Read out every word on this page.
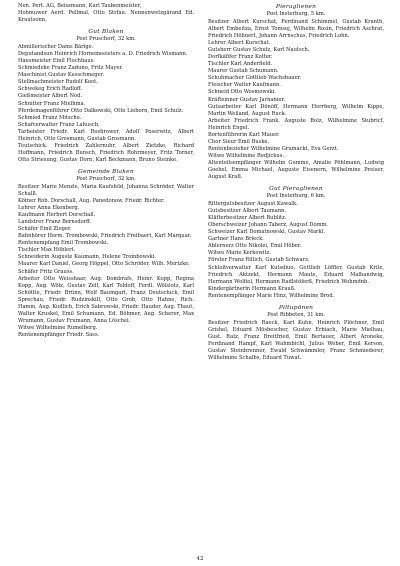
Nen. Pert. AG, Beiszmann, Karl Taubenmeister,
Hohmuwer Aerd. Pellmal, Otto Strfau. Nennenwetzgärand Ed. Krautsonn.
Gut Blaken
Post Pruschorf, 32 km.
Abmillerischer Dams Bärige.
Deputandsun Heinrich Hornemeeisters a. D. Friedrich Wismann.
Hausmeister Emil Flochhaus.
Schmiedeke Franz Zaduno, Fritz Mayer.
Maschinist Gustav Kusschmeger.
Stellmachmeister Rudolf Koot.
Schwekeg Erich Radloff.
Gießmeister Albert Nod.
Schnitter Franz Mielhma.
Pferdemagenführer Otto Dalkowski, Otto Lieborn, Emil Schulz.
Schmied Franz Mitsche.
Schafverwalter Franz Lahusch.
Tarbeister Friedr. Karl Roshrower, Adolf Poserwitz, Albert Heinrich, Otto Grosmann, Gustab Grosmann.
Teutschick. Friedrich Zahlernuhr, Albert Zietzke, Richard Hoffmann, Friedrich Bunsch, Friedrich Rohrmeyer, Fritz Torner, Otto Striesung, Gustav Dorn, Karl Beckmann, Bruno Steinke.
Gemeinde Blaken
Post Pruschorf, 32 km.
Besitzer Marie Menzle, Maria Kaufsfeld, Johanna Schröder, Walter Schalß.
Kötner Rob. Dorschall, Aug. Panedonow, Friedr. Richter.
Lehrer Anna Ekenberg.
Kaufmann Herbert Dorschall.
Landstrer Franz Bernsdorff.
Schäfer Emil Zieger.
Bahnhörer Herm. Trombowski, Friedrich Freibaert, Karl Marquar.
Rentenempfang Emil Trombowski.
Tischler Max Höblert.
Schneiderin Auguste Kaumann, Helene Trombowski.
Maurer Karl Daniel, Georg Höppel, Otto Schröder, Wilh. Mertzke.
Schäfer Fritz Grauss.
Arbeiter Otto Weisshaar, Aug. Dombrafs, Heinr. Kopp, Regina Kopp, Aug. Wölz, Gustav Zell, Karl Toldoff, Ferdl. Wölslotz, Karl Schöttle, Friedr. Brünn, Wolf Baumgart, Franz Deutschick, Emil Sprechau, Friedr. Rudzinskill, Otto Grob, Otto Hahne, Rich. Hamm, Aug. Kudlich, Erich Sabrowski, Friedr. Hauder, Aug. Thaut, Walter Kruskel, Emil Schumann, Ed. Böhmer, Aug. Scherer, Max Wrumann, Gustav Frumann, Anna Löschel.
Witwe Wilhelmine Rumelberg.
Rentenempfänger Friedr. Sass.
Pieraglienen
Post Insterburg, 5 km.
Besitzer Albert Kurschat, Ferdinand Schimmel, Gustab Kranth, Albert Embeitza, Ernst Tomsoj, Wilhelm Rosin, Friedrich Aschrat, Friedrich Höhnert, Johann Arrnschus, Friedrich Lohn.
Lehrer Albert Kurschat.
Gutsherr Gustav Schulz, Karl Nautsch.
Dorfkäfifer Franz Kotter.
Tischler Karl Anderfield.
Maurer Gustab Schumann.
Schuhmacher Gottlieb Wachsbauer.
Fleischer Walter Kaufmann.
Schneid Otto Wosmowski.
Kräfteinner Gustav Jarnanier.
Gutsarbeiter Karl Dönöff, Hermann Herrberg, Wilhelm Kippe, Martin Weiland, August Ruck.
Arbeiter Friedrich Frank, Auguste Rolz, Wilhelmine Stubricf, Heinrich Engel.
Bortenführerin Karl Mauer.
Chor Sieur Emil Buske.
Rentenbezieher Wilhelmine Grumackt, Eva Gerzt.
Witwe Wilhelmine Redjickus.
Altenteilsempfänger Wilhelm Gumme, Amalie Pöhlmann, Ludwig Goebel, Emma Michael, Auguste Eisenern, Wilhelmine Preiser, August Krafl.
Gut Pieraglienen
Post Insterburg, 6 km.
Rittergutsbesitzer August Kawalk.
Gutsbesitzer Albert Taumann.
Kläfterbesitzer Albert Bublitz.
Oberschweizer Johann Taberz, August Domm.
Schweizer Karl Domatnowski, Gustav Markl.
Gartner Hans Brieck.
Ablernerz Otto Nikolei, Emil Höber.
Witwe Marie Kerkowitz.
Förster Franz Rillich, Gustab Schwarz.
Schloßverwalter Karl Kutsdiuo, Gottlieb Löffler, Gustab Krile, Friedrich Aktzekt, Hermann Maute, Eduard Malhandwig, Hermann Wolfiel, Hermann Radlstöferß, Friedrich Wohmdnb.
Kindergärtnerin Hermann Krauß.
Rentenempfänger Marie Hinz, Wilhelmine Brod.
Piltupönen
Post Ribbeten, 31 km.
Besitzer Friedrich Raeck, Karl Kuhn, Heinrich Plöchner, Emil Grishel, Eduard Mösbescher, Gustav Erbiach, Marie Mielhau, Gust. Ratz, Franz Breitfried, Emil Bertauer, Albert Aroneke, Ferdinand Hampf, Karl Wahmbichl, Julius Weber, Emil Kerson, Gustav Steinbrenner, Ewald Schwämmler, Franz Schmiederer, Wilhelmine Schalbs, Eduard Tuwat.
42
